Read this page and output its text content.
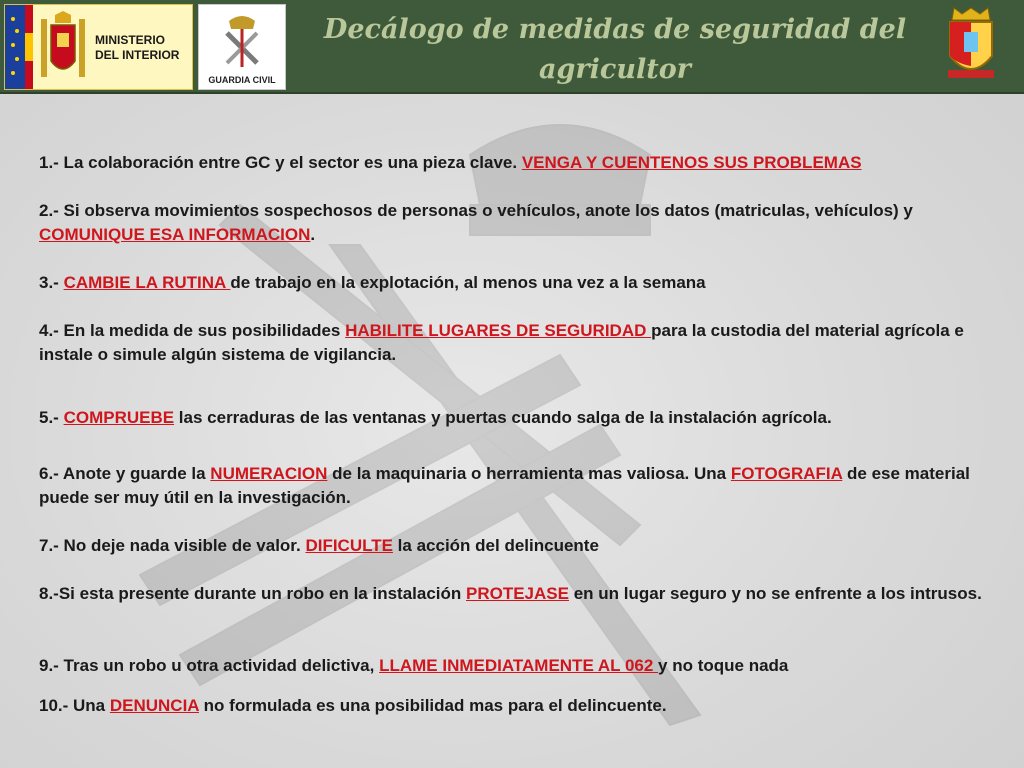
MINISTERIO
DEL INTERIOR
GUARDIA CIVIL
Decálogo de medidas de seguridad del agricultor

1.- La colaboración entre GC y el sector es una pieza clave. VENGA Y CUENTENOS SUS PROBLEMAS

2.- Si observa movimientos sospechosos de personas o vehículos, anote los datos (matriculas, vehículos) y COMUNIQUE ESA INFORMACION.

3.- CAMBIE LA RUTINA de trabajo en la explotación, al menos una vez a la semana

4.- En la medida de sus posibilidades HABILITE LUGARES DE SEGURIDAD para la custodia del material agrícola e instale o simule algún sistema de vigilancia.

5.- COMPRUEBE las cerraduras de las ventanas y puertas cuando salga de la instalación agrícola.

6.- Anote y guarde la NUMERACION de la maquinaria o herramienta mas valiosa. Una FOTOGRAFIA de ese material puede ser muy útil en la investigación.

7.- No deje nada visible de valor. DIFICULTE la acción del delincuente

8.-Si esta presente durante un robo en la instalación PROTEJASE en un lugar seguro y no se enfrente a los intrusos.

9.- Tras un robo u otra actividad delictiva, LLAME INMEDIATAMENTE AL 062 y no toque nada

10.- Una DENUNCIA no formulada es una posibilidad mas para el delincuente.
